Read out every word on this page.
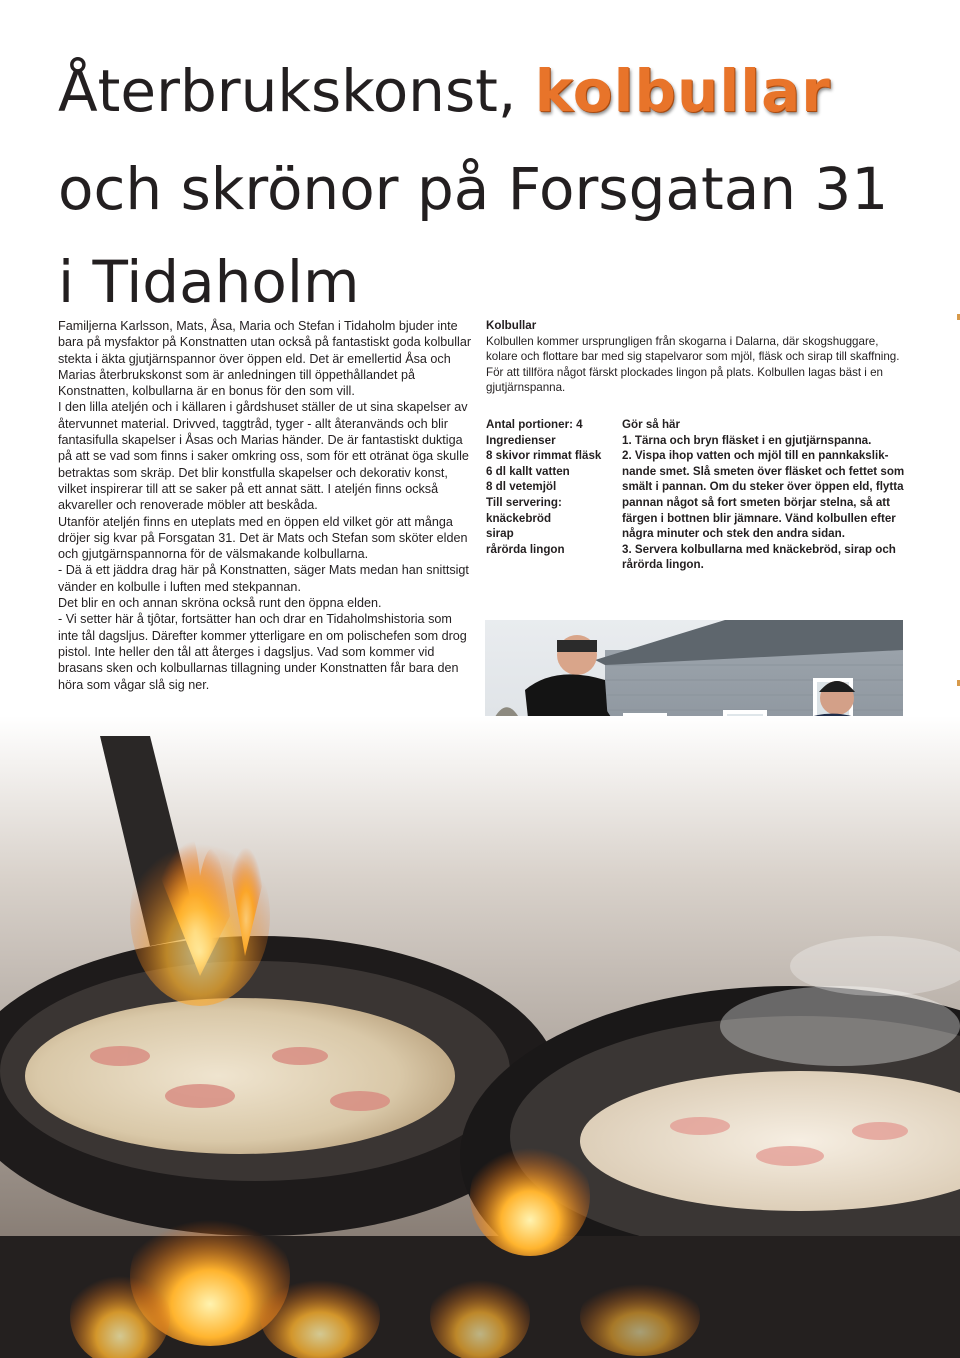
Återbrukskonst, kolbullar
och skrönor på Forsgatan 31
i Tidaholm

Familjerna Karlsson, Mats, Åsa, Maria och Stefan i Tidaholm bjuder inte bara på mysfaktor på Konstnatten utan också på fantastiskt goda kolbullar stekta i äkta gjutjärnspannor över öppen eld. Det är emellertid Åsa och Marias återbrukskonst som är anledningen till öppethållandet på Konstnatten, kolbullarna är en bonus för den som vill.

I den lilla ateljén och i källaren i gårdshuset ställer de ut sina skapelser av återvunnet material. Drivved, taggtråd, tyger - allt återanvänds och blir fantasifulla skapelser i Åsas och Marias händer. De är fantastiskt duktiga på att se vad som finns i saker omkring oss, som för ett otränat öga skulle betraktas som skräp. Det blir konstfulla skapelser och dekorativ konst, vilket inspirerar till att se saker på ett annat sätt. I ateljén finns också akvareller och renoverade möbler att beskåda.

Utanför ateljén finns en uteplats med en öppen eld vilket gör att många dröjer sig kvar på Forsgatan 31. Det är Mats och Stefan som sköter elden och gjutgärnspannorna för de välsmakande kolbullarna.

- Dä ä ett jäddra drag här på Konstnatten, säger Mats medan han snittsigt vänder en kolbulle i luften med stekpannan.

Det blir en och annan skröna också runt den öppna elden.

- Vi setter här å tjôtar, fortsätter han och drar en Tidaholmshistoria som inte tål dagsljus. Därefter kommer ytterligare en om polischefen som drog pistol. Inte heller den tål att återges i dagsljus. Vad som kommer vid brasans sken och kolbullarnas tillagning under Konstnatten får bara den höra som vågar slå sig ner.

Kolbullar

Kolbullen kommer ursprungligen från skogarna i Dalarna, där skogshuggare, kolare och flottare bar med sig stapelvaror som mjöl, fläsk och sirap till skaffning. För att tillföra något färskt plockades lingon på plats. Kolbullen lagas bäst i en gjutjärnspanna.

Antal portioner: 4

Ingredienser

8 skivor rimmat fläsk

6 dl kallt vatten

8 dl vetemjöl

Till servering:

knäckebröd

sirap

rårörda lingon

Gör så här

1. Tärna och bryn fläsket i en gjutjärnspanna.

2. Vispa ihop vatten och mjöl till en pannkakslik-nande smet. Slå smeten över fläsket och fettet som smält i pannan. Om du steker över öppen eld, flytta pannan något så fort smeten börjar stelna, så att färgen i bottnen blir jämnare. Vänd kolbullen efter några minuter och stek den andra sidan.

3. Servera kolbullarna med knäckebröd, sirap och rårörda lingon.
